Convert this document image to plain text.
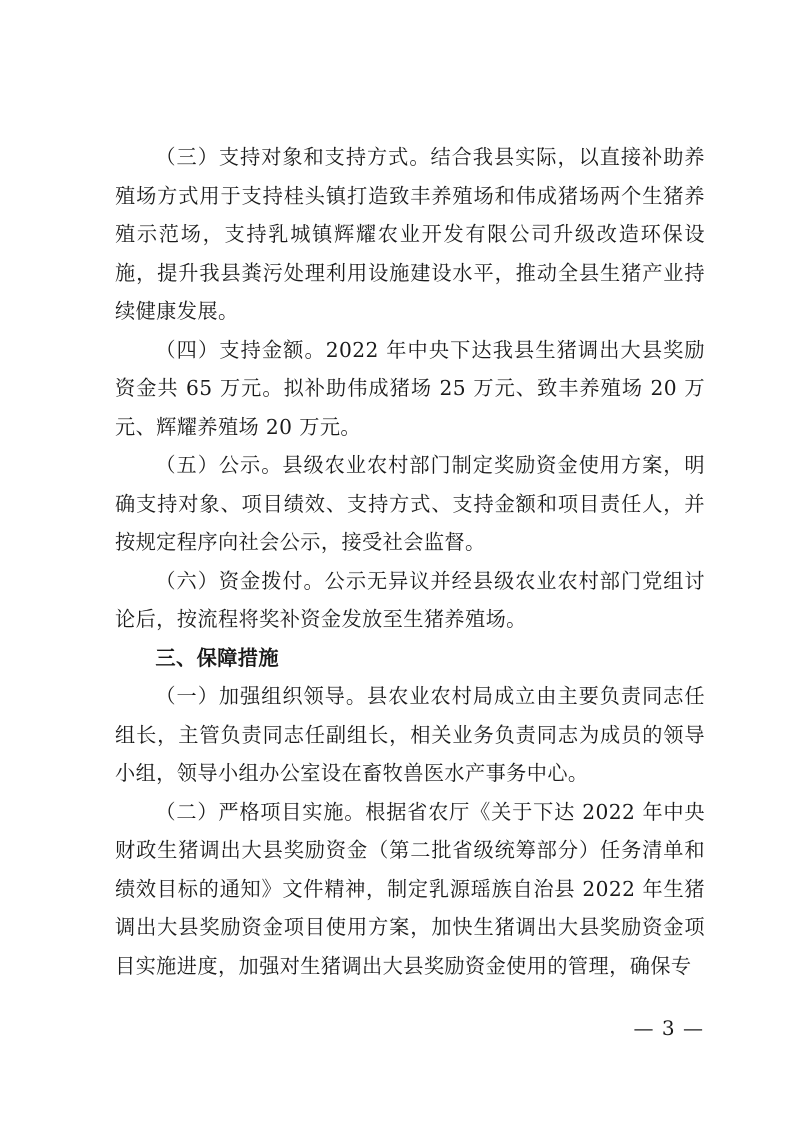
（三）支持对象和支持方式。结合我县实际，以直接补助养殖场方式用于支持桂头镇打造致丰养殖场和伟成猪场两个生猪养殖示范场，支持乳城镇辉耀农业开发有限公司升级改造环保设施，提升我县粪污处理利用设施建设水平，推动全县生猪产业持续健康发展。

（四）支持金额。2022 年中央下达我县生猪调出大县奖励资金共 65 万元。拟补助伟成猪场 25 万元、致丰养殖场 20 万元、辉耀养殖场 20 万元。

（五）公示。县级农业农村部门制定奖励资金使用方案，明确支持对象、项目绩效、支持方式、支持金额和项目责任人，并按规定程序向社会公示，接受社会监督。

（六）资金拨付。公示无异议并经县级农业农村部门党组讨论后，按流程将奖补资金发放至生猪养殖场。

三、保障措施

（一）加强组织领导。县农业农村局成立由主要负责同志任组长，主管负责同志任副组长，相关业务负责同志为成员的领导小组，领导小组办公室设在畜牧兽医水产事务中心。

（二）严格项目实施。根据省农厅《关于下达 2022 年中央财政生猪调出大县奖励资金（第二批省级统筹部分）任务清单和绩效目标的通知》文件精神，制定乳源瑶族自治县 2022 年生猪调出大县奖励资金项目使用方案，加快生猪调出大县奖励资金项目实施进度，加强对生猪调出大县奖励资金使用的管理，确保专

— 3 —
